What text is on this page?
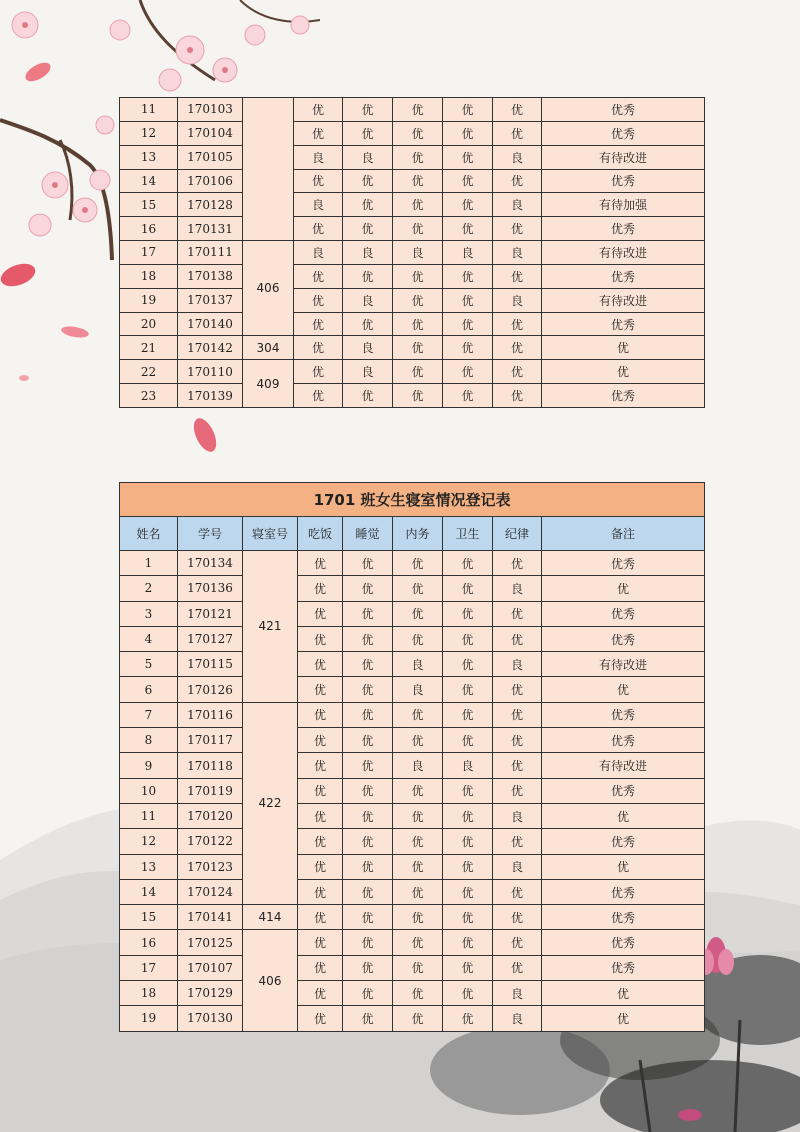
11	170103		优	优	优	优	优	优秀
12	170104		优	优	优	优	优	优秀
13	170105		良	良	优	优	良	有待改进
14	170106		优	优	优	优	优	优秀
15	170128		良	优	优	优	良	有待加强
16	170131		优	优	优	优	优	优秀
17	170111	406	良	良	良	良	良	有待改进
18	170138		优	优	优	优	优	优秀
19	170137		优	良	优	优	良	有待改进
20	170140		优	优	优	优	优	优秀
21	170142	304	优	良	优	优	优	优
22	170110	409	优	良	优	优	优	优
23	170139		优	优	优	优	优	优秀
1701 班女生寝室情况登记表								
姓名	学号	寝室号	吃饭	睡觉	内务	卫生	纪律	备注
1	170134	421	优	优	优	优	优	优秀
2	170136		优	优	优	优	良	优
3	170121		优	优	优	优	优	优秀
4	170127		优	优	优	优	优	优秀
5	170115		优	优	良	优	良	有待改进
6	170126		优	优	良	优	优	优
7	170116	422	优	优	优	优	优	优秀
8	170117		优	优	优	优	优	优秀
9	170118		优	优	良	良	优	有待改进
10	170119		优	优	优	优	优	优秀
11	170120		优	优	优	优	良	优
12	170122		优	优	优	优	优	优秀
13	170123		优	优	优	优	良	优
14	170124		优	优	优	优	优	优秀
15	170141	414	优	优	优	优	优	优秀
16	170125	406	优	优	优	优	优	优秀
17	170107		优	优	优	优	优	优秀
18	170129		优	优	优	优	良	优
19	170130		优	优	优	优	良	优
